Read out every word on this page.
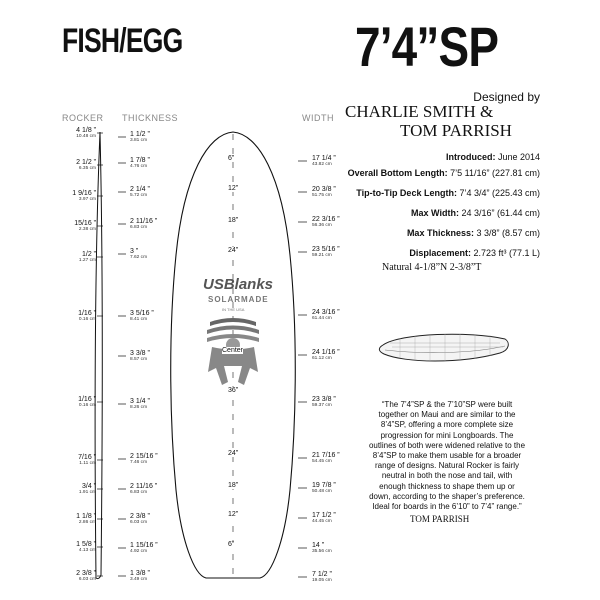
FISH/EGG	7’4”SP
Designed by
CHARLIE SMITH &
TOM PARRISH
Introduced: June 2014
Overall Bottom Length: 7’5 11/16” (227.81 cm)
Tip-to-Tip Deck Length: 7’4 3/4” (225.43 cm)
Max Width: 24 3/16” (61.44 cm)
Max Thickness: 3 3/8” (8.57 cm)
Displacement: 2.723 ft³ (77.1 L)
Natural 4-1/8”N 2-3/8”T
ROCKER THICKNESS	WIDTH
USBlanks
SOLARMADE
IN THE USA
4 1/8 ”
10.48 cm
2 1/2 ”
6.35 cm
1 9/16 ”
3.97 cm
15/16 ”
2.38 cm
1/2 ”
1.27 cm
1/16 ”
0.16 cm
1/16 ”
0.16 cm
7/16 ”
1.11 cm
3/4 ”
1.91 cm
1 1/8 ”
2.86 cm
1 5/8 ”
4.13 cm
2 3/8 ”
6.03 cm
1 1/2 ”
3.81 cm
1 7/8 ”
4.76 cm
2 1/4 ”
5.72 cm
2 11/16 ”
6.83 cm
3 ”
7.62 cm
3 5/16 ”
8.41 cm
3 3/8 ”
8.57 cm
3 1/4 ”
8.26 cm
2 15/16 ”
7.46 cm
2 11/16 ”
6.83 cm
2 3/8 ”
6.03 cm
1 15/16 ”
4.92 cm
1 3/8 ”
3.49 cm
17 1/4 ”
43.82 cm
20 3/8 ”
51.75 cm
22 3/16 ”
56.36 cm
23 5/16 ”
59.21 cm
24 3/16 ”
61.44 cm
24 1/16 ”
61.12 cm
23 3/8 ”
59.37 cm
21 7/16 ”
54.45 cm
19 7/8 ”
50.48 cm
17 1/2 ”
44.45 cm
14 ”
35.56 cm
7 1/2 ”
19.05 cm
6”
12”
18”
24”
Center
36”
24”
18”
12”
6”
“The 7’4”SP & the 7’10”SP were built together on Maui and are similar to the 8’4”SP, offering a more complete size progression for mini Longboards. The outlines of both were widened relative to the 8’4”SP to make them usable for a broader range of designs. Natural Rocker is fairly neutral in both the nose and tail, with enough thickness to shape them up or down, according to the shaper’s preference. Ideal for boards in the 6’10” to 7’4” range.”
TOM PARRISH
